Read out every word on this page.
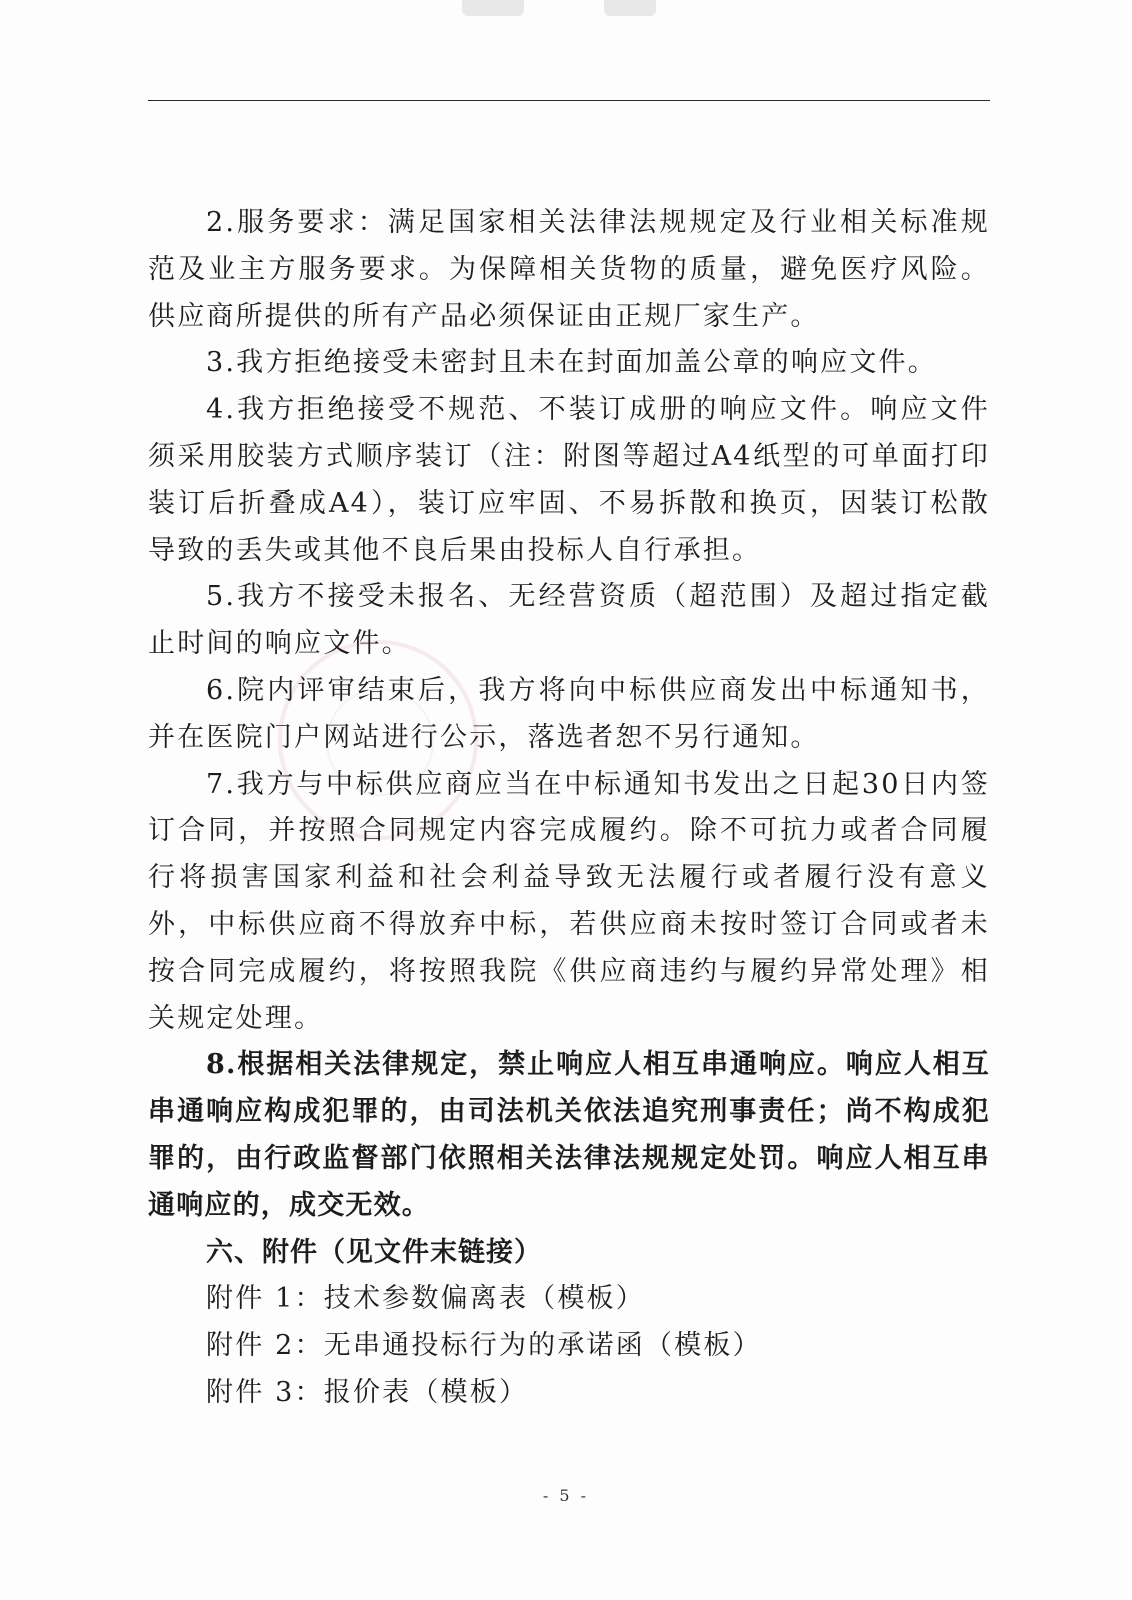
2.服务要求：满足国家相关法律法规规定及行业相关标准规范及业主方服务要求。为保障相关货物的质量，避免医疗风险。供应商所提供的所有产品必须保证由正规厂家生产。

3.我方拒绝接受未密封且未在封面加盖公章的响应文件。

4.我方拒绝接受不规范、不装订成册的响应文件。响应文件须采用胶装方式顺序装订（注：附图等超过A4纸型的可单面打印装订后折叠成A4），装订应牢固、不易拆散和换页，因装订松散导致的丢失或其他不良后果由投标人自行承担。

5.我方不接受未报名、无经营资质（超范围）及超过指定截止时间的响应文件。

6.院内评审结束后，我方将向中标供应商发出中标通知书，并在医院门户网站进行公示，落选者恕不另行通知。

7.我方与中标供应商应当在中标通知书发出之日起30日内签订合同，并按照合同规定内容完成履约。除不可抗力或者合同履行将损害国家利益和社会利益导致无法履行或者履行没有意义外，中标供应商不得放弃中标，若供应商未按时签订合同或者未按合同完成履约，将按照我院《供应商违约与履约异常处理》相关规定处理。

8.根据相关法律规定，禁止响应人相互串通响应。响应人相互串通响应构成犯罪的，由司法机关依法追究刑事责任；尚不构成犯罪的，由行政监督部门依照相关法律法规规定处罚。响应人相互串通响应的，成交无效。

六、附件（见文件末链接）

附件 1：技术参数偏离表（模板）

附件 2：无串通投标行为的承诺函（模板）

附件 3：报价表（模板）

- 5 -
